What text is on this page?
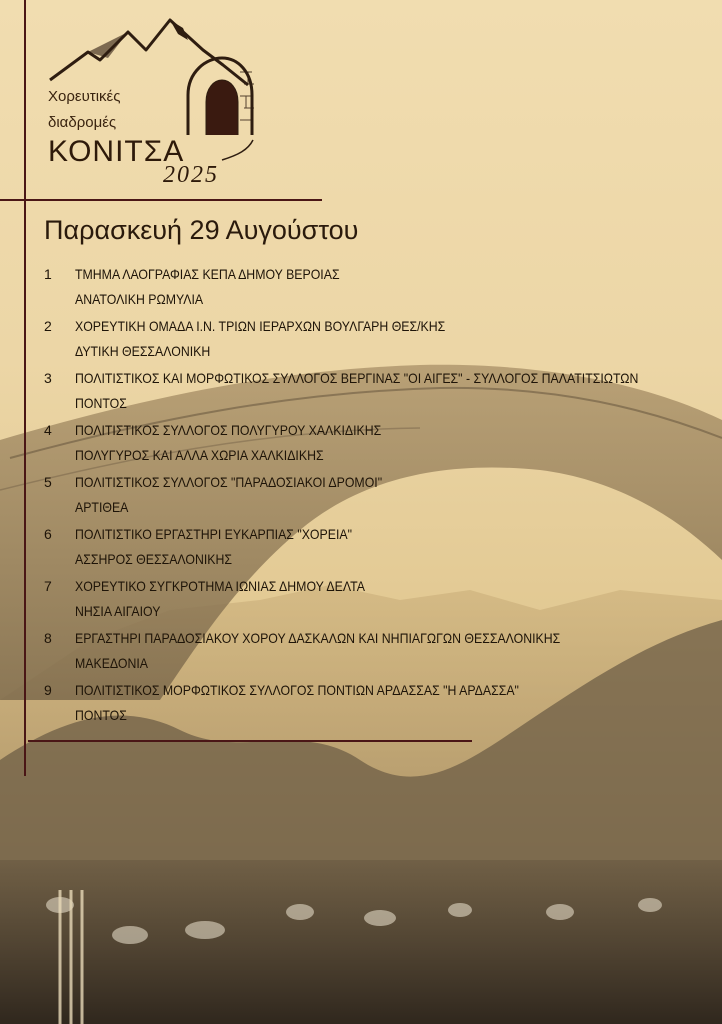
Χορευτικές
διαδρομές
ΚΟΝΙΤΣΑ
2025
Παρασκευή 29 Αυγούστου
1 ΤΜΗΜΑ ΛΑΟΓΡΑΦΙΑΣ ΚΕΠΑ ΔΗΜΟΥ ΒΕΡΟΙΑΣ
ΑΝΑΤΟΛΙΚΗ ΡΩΜΥΛΙΑ
2 ΧΟΡΕΥΤΙΚΗ ΟΜΑΔΑ Ι.Ν. ΤΡΙΩΝ ΙΕΡΑΡΧΩΝ ΒΟΥΛΓΑΡΗ ΘΕΣ/ΚΗΣ
ΔΥΤΙΚΗ ΘΕΣΣΑΛΟΝΙΚΗ
3 ΠΟΛΙΤΙΣΤΙΚΟΣ ΚΑΙ ΜΟΡΦΩΤΙΚΟΣ ΣΥΛΛΟΓΟΣ ΒΕΡΓΙΝΑΣ "ΟΙ ΑΙΓΕΣ" - ΣΥΛΛΟΓΟΣ ΠΑΛΑΤΙΤΣΙΩΤΩΝ
ΠΟΝΤΟΣ
4 ΠΟΛΙΤΙΣΤΙΚΟΣ ΣΥΛΛΟΓΟΣ ΠΟΛΥΓΥΡΟΥ ΧΑΛΚΙΔΙΚΗΣ
ΠΟΛΥΓΥΡΟΣ ΚΑΙ ΑΛΛΑ ΧΩΡΙΑ ΧΑΛΚΙΔΙΚΗΣ
5 ΠΟΛΙΤΙΣΤΙΚΟΣ ΣΥΛΛΟΓΟΣ "ΠΑΡΑΔΟΣΙΑΚΟΙ ΔΡΟΜΟΙ"
ΑΡΤΙΘΕΑ
6 ΠΟΛΙΤΙΣΤΙΚΟ ΕΡΓΑΣΤΗΡΙ ΕΥΚΑΡΠΙΑΣ "ΧΟΡΕΙΑ"
ΑΣΣΗΡΟΣ ΘΕΣΣΑΛΟΝΙΚΗΣ
7 ΧΟΡΕΥΤΙΚΟ ΣΥΓΚΡΟΤΗΜΑ ΙΩΝΙΑΣ ΔΗΜΟΥ ΔΕΛΤΑ
ΝΗΣΙΑ ΑΙΓΑΙΟΥ
8 ΕΡΓΑΣΤΗΡΙ ΠΑΡΑΔΟΣΙΑΚΟΥ ΧΟΡΟΥ ΔΑΣΚΑΛΩΝ ΚΑΙ ΝΗΠΙΑΓΩΓΩΝ ΘΕΣΣΑΛΟΝΙΚΗΣ
ΜΑΚΕΔΟΝΙΑ
9 ΠΟΛΙΤΙΣΤΙΚΟΣ ΜΟΡΦΩΤΙΚΟΣ ΣΥΛΛΟΓΟΣ ΠΟΝΤΙΩΝ ΑΡΔΑΣΣΑΣ "Η ΑΡΔΑΣΣΑ"
ΠΟΝΤΟΣ
